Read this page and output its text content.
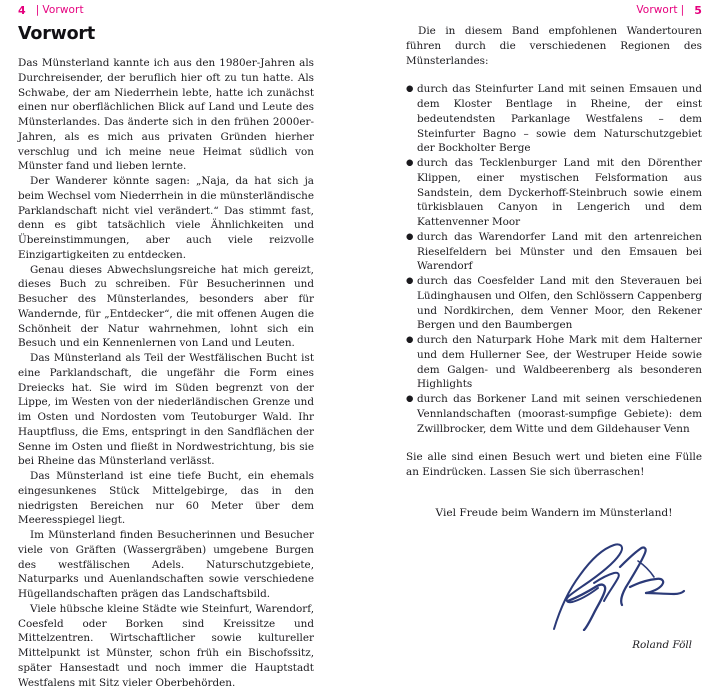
4 | Vorwort	Vorwort | 5
Vorwort

Das Münsterland kannte ich aus den 1980er-Jahren als Durchreisender, der beruflich hier oft zu tun hatte. Als Schwabe, der am Niederrhein lebte, hatte ich zunächst einen nur oberflächlichen Blick auf Land und Leute des Münsterlandes. Das änderte sich in den frühen 2000er-Jahren, als es mich aus privaten Gründen hierher verschlug und ich meine neue Heimat südlich von Münster fand und lieben lernte.

Der Wanderer könnte sagen: „Naja, da hat sich ja beim Wechsel vom Niederrhein in die münsterländische Parklandschaft nicht viel verändert.“ Das stimmt fast, denn es gibt tatsächlich viele Ähnlichkeiten und Übereinstimmungen, aber auch viele reizvolle Einzigartigkeiten zu entdecken.

Genau dieses Abwechslungsreiche hat mich gereizt, dieses Buch zu schreiben. Für Besucherinnen und Besucher des Münsterlandes, besonders aber für Wandernde, für „Entdecker“, die mit offenen Augen die Schönheit der Natur wahrnehmen, lohnt sich ein Besuch und ein Kennenlernen von Land und Leuten.

Das Münsterland als Teil der Westfälischen Bucht ist eine Parklandschaft, die ungefähr die Form eines Dreiecks hat. Sie wird im Süden begrenzt von der Lippe, im Westen von der niederländischen Grenze und im Osten und Nordosten vom Teutoburger Wald. Ihr Hauptfluss, die Ems, entspringt in den Sandflächen der Senne im Osten und fließt in Nordwestrichtung, bis sie bei Rheine das Münsterland verlässt.

Das Münsterland ist eine tiefe Bucht, ein ehemals eingesunkenes Stück Mittelgebirge, das in den niedrigsten Bereichen nur 60 Meter über dem Meeresspiegel liegt.

Im Münsterland finden Besucherinnen und Besucher viele von Gräften (Wassergräben) umgebene Burgen des westfälischen Adels. Naturschutzgebiete, Naturparks und Auenlandschaften sowie verschiedene Hügellandschaften prägen das Landschaftsbild.

Viele hübsche kleine Städte wie Steinfurt, Warendorf, Coesfeld oder Borken sind Kreissitze und Mittelzentren. Wirtschaftlicher sowie kultureller Mittelpunkt ist Münster, schon früh ein Bischofssitz, später Hansestadt und noch immer die Hauptstadt Westfalens mit Sitz vieler Oberbehörden.

Die in diesem Band empfohlenen Wandertouren führen durch die verschiedenen Regionen des Münsterlandes:

● durch das Steinfurter Land mit seinen Emsauen und dem Kloster Bentlage in Rheine, der einst bedeutendsten Parkanlage Westfalens – dem Steinfurter Bagno – sowie dem Naturschutzgebiet der Bockholter Berge
● durch das Tecklenburger Land mit den Dörenther Klippen, einer mystischen Felsformation aus Sandstein, dem Dyckerhoff-Steinbruch sowie einem türkisblauen Canyon in Lengerich und dem Kattenvenner Moor
● durch das Warendorfer Land mit den artenreichen Rieselfeldern bei Münster und den Emsauen bei Warendorf
● durch das Coesfelder Land mit den Steverauen bei Lüdinghausen und Olfen, den Schlössern Cappenberg und Nordkirchen, dem Venner Moor, den Rekener Bergen und den Baumbergen
● durch den Naturpark Hohe Mark mit dem Halterner und dem Hullerner See, der Westruper Heide sowie dem Galgen- und Waldbeerenberg als besonderen Highlights
● durch das Borkener Land mit seinen verschiedenen Vennlandschaften (moorast-sumpfige Gebiete): dem Zwillbrocker, dem Witte und dem Gildehauser Venn

Sie alle sind einen Besuch wert und bieten eine Fülle an Eindrücken. Lassen Sie sich überraschen!

Viel Freude beim Wandern im Münsterland!

Roland Föll
